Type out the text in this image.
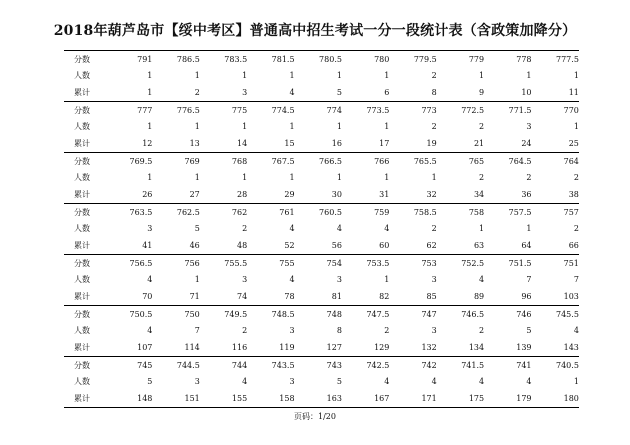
2018年葫芦岛市【绥中考区】普通高中招生考试一分一段统计表（含政策加降分）
分数	791	786.5	783.5	781.5	780.5	780	779.5	779	778	777.5
人数	1	1	1	1	1	1	2	1	1	1
累计	1	2	3	4	5	6	8	9	10	11
分数	777	776.5	775	774.5	774	773.5	773	772.5	771.5	770
人数	1	1	1	1	1	1	2	2	3	1
累计	12	13	14	15	16	17	19	21	24	25
分数	769.5	769	768	767.5	766.5	766	765.5	765	764.5	764
人数	1	1	1	1	1	1	1	2	2	2
累计	26	27	28	29	30	31	32	34	36	38
分数	763.5	762.5	762	761	760.5	759	758.5	758	757.5	757
人数	3	5	2	4	4	4	2	1	1	2
累计	41	46	48	52	56	60	62	63	64	66
分数	756.5	756	755.5	755	754	753.5	753	752.5	751.5	751
人数	4	1	3	4	3	1	3	4	7	7
累计	70	71	74	78	81	82	85	89	96	103
分数	750.5	750	749.5	748.5	748	747.5	747	746.5	746	745.5
人数	4	7	2	3	8	2	3	2	5	4
累计	107	114	116	119	127	129	132	134	139	143
分数	745	744.5	744	743.5	743	742.5	742	741.5	741	740.5
人数	5	3	4	3	5	4	4	4	4	1
累计	148	151	155	158	163	167	171	175	179	180
页码：1/20
